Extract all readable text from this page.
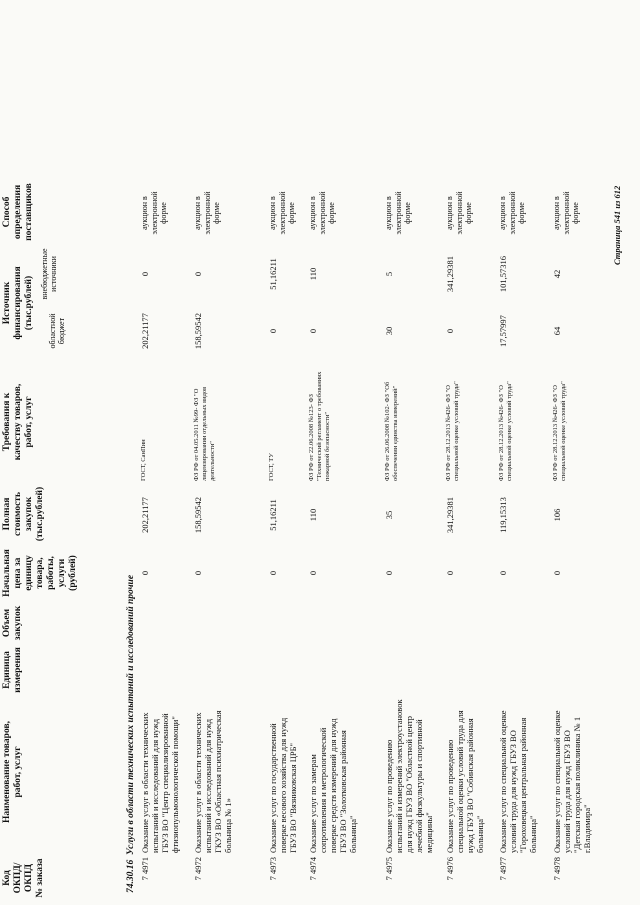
Код
ОКПД/
ОКПД
№ заказа
Наименование товаров,
работ, услуг
Единица
измерения
Объем
закупок
Начальная
цена за
единицу
товара,
работы,
услуги
(рублей)
Полная
стоимость
закупок
(тыс.рублей)
Требования к
качеству товаров,
работ, услуг
Источник
финансирования
(тыс.рублей)
областной бюджет
внебюджетные источники
Способ
определения
поставщиков
74.30.16  Услуги в области технических испытаний и исследований прочие
7 4971
Оказание услуг в области технических испытаний и исследований для нужд ГБУЗ ВО "Центр специализированной фтизиопульмонологической помощи"
0
202,21177
ГОСТ, СанПин
202,21177
0
аукцион в электронной форме
7 4972
Оказание услуг в области технических испытаний и исследований для нужд ГКУЗ ВО «Областная психиатрическая больница № 1»
0
158,59542
ФЗ РФ от 04.05.2011 №99- ФЗ "О лицензировании отдельных видов деятельности"
158,59542
0
аукцион в электронной форме
7 4973
Оказание услуг по государственной поверке весового хозяйства для нужд ГБУЗ ВО "Вязниковская ЦРБ"
0
51,16211
ГОСТ, ТУ
0
51,16211
аукцион в электронной форме
7 4974
Оказание услуг по замерам сопротивления и метрологической поверке средств измерений для нужд ГБУЗ ВО "Золотковская районная больница"
0
110
ФЗ РФ от 22.06.2008 №123- ФЗ "Технический регламент о требованиях пожарной безопасности"
0
110
аукцион в электронной форме
7 4975
Оказание услуг по проведению испытаний и измерений электроустановок для нужд ГБУЗ ВО "Областной центр лечебной физкультуры и спортивной медицины"
0
35
ФЗ РФ от 26.06.2008 №102- ФЗ "Об обеспечении единства измерений"
30
5
аукцион в электронной форме
7 4976
Оказание услуг по проведению специальной оценки условий труда для нужд ГБУЗ ВО "Собинская районная больница"
0
341,29381
ФЗ РФ от 28.12.2013 №426- ФЗ "О специальной оценке условий труда"
0
341,29381
аукцион в электронной форме
7 4977
Оказание услуг по специальной оценке условий труда для нужд ГБУЗ ВО "Гороховецкая центральная районная больница"
0
119,15313
ФЗ РФ от 28.12.2013 №426- ФЗ "О специальной оценке условий труда"
17,57997
101,57316
аукцион в электронной форме
7 4978
Оказание услуг по специальной оценке условий труда для нужд ГБУЗ ВО "Детская городская поликлиника № 1 г.Владимира"
0
106
ФЗ РФ от 28.12.2013 №426- ФЗ "О специальной оценке условий труда"
64
42
аукцион в электронной форме	Страница 541 из 612
